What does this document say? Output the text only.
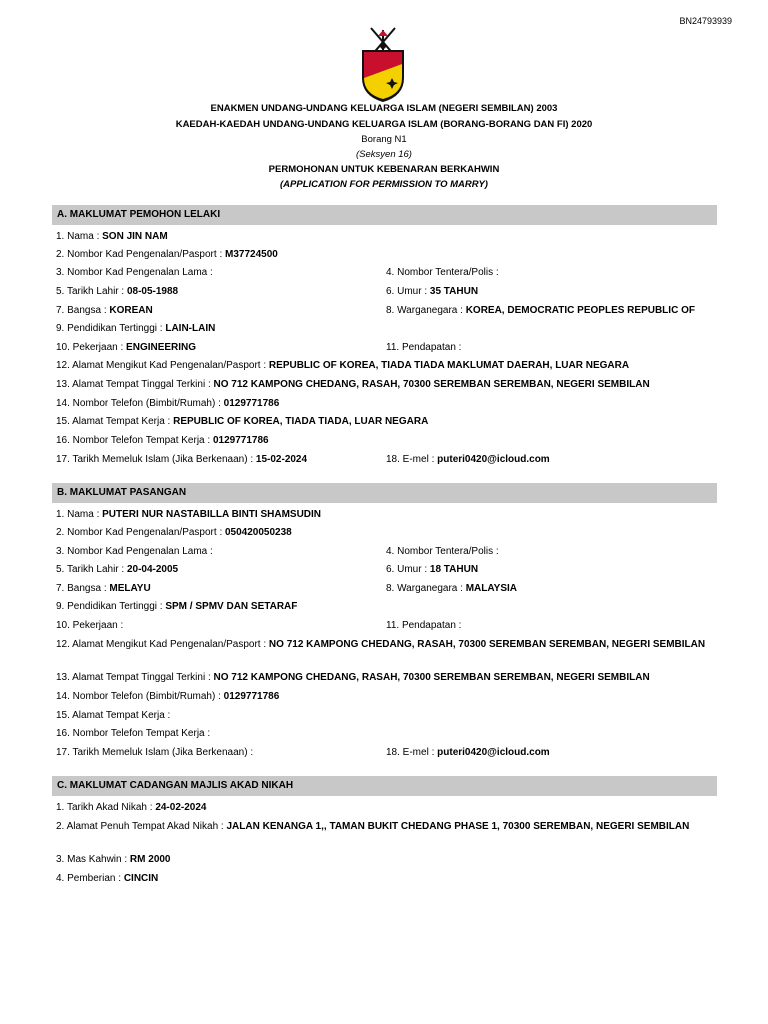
BN24793939
ENAKMEN UNDANG-UNDANG KELUARGA ISLAM (NEGERI SEMBILAN) 2003
KAEDAH-KAEDAH UNDANG-UNDANG KELUARGA ISLAM (BORANG-BORANG DAN FI) 2020
Borang N1
(Seksyen 16)
PERMOHONAN UNTUK KEBENARAN BERKAHWIN
(APPLICATION FOR PERMISSION TO MARRY)
A. MAKLUMAT PEMOHON LELAKI
1. Nama : SON JIN NAM
2. Nombor Kad Pengenalan/Pasport : M37724500
3. Nombor Kad Pengenalan Lama :	4. Nombor Tentera/Polis :
5. Tarikh Lahir : 08-05-1988	6. Umur : 35 TAHUN
7. Bangsa : KOREAN	8. Warganegara : KOREA, DEMOCRATIC PEOPLES REPUBLIC OF
9. Pendidikan Tertinggi : LAIN-LAIN
10. Pekerjaan : ENGINEERING	11. Pendapatan :
12. Alamat Mengikut Kad Pengenalan/Pasport : REPUBLIC OF KOREA, TIADA TIADA MAKLUMAT DAERAH, LUAR NEGARA
13. Alamat Tempat Tinggal Terkini : NO 712 KAMPONG CHEDANG, RASAH, 70300 SEREMBAN SEREMBAN, NEGERI SEMBILAN
14. Nombor Telefon (Bimbit/Rumah) : 0129771786
15. Alamat Tempat Kerja : REPUBLIC OF KOREA, TIADA TIADA, LUAR NEGARA
16. Nombor Telefon Tempat Kerja : 0129771786
17. Tarikh Memeluk Islam (Jika Berkenaan) : 15-02-2024	18. E-mel : puteri0420@icloud.com
B. MAKLUMAT PASANGAN
1. Nama : PUTERI NUR NASTABILLA BINTI SHAMSUDIN
2. Nombor Kad Pengenalan/Pasport : 050420050238
3. Nombor Kad Pengenalan Lama :	4. Nombor Tentera/Polis :
5. Tarikh Lahir : 20-04-2005	6. Umur : 18 TAHUN
7. Bangsa : MELAYU	8. Warganegara : MALAYSIA
9. Pendidikan Tertinggi : SPM / SPMV DAN SETARAF
10. Pekerjaan :	11. Pendapatan :
12. Alamat Mengikut Kad Pengenalan/Pasport : NO 712 KAMPONG CHEDANG, RASAH, 70300 SEREMBAN SEREMBAN, NEGERI SEMBILAN
13. Alamat Tempat Tinggal Terkini : NO 712 KAMPONG CHEDANG, RASAH, 70300 SEREMBAN SEREMBAN, NEGERI SEMBILAN
14. Nombor Telefon (Bimbit/Rumah) : 0129771786
15. Alamat Tempat Kerja :
16. Nombor Telefon Tempat Kerja :
17. Tarikh Memeluk Islam (Jika Berkenaan) :	18. E-mel : puteri0420@icloud.com
C. MAKLUMAT CADANGAN MAJLIS AKAD NIKAH
1. Tarikh Akad Nikah : 24-02-2024
2. Alamat Penuh Tempat Akad Nikah : JALAN KENANGA 1,, TAMAN BUKIT CHEDANG PHASE 1, 70300 SEREMBAN, NEGERI SEMBILAN
3. Mas Kahwin : RM 2000
4. Pemberian : CINCIN
